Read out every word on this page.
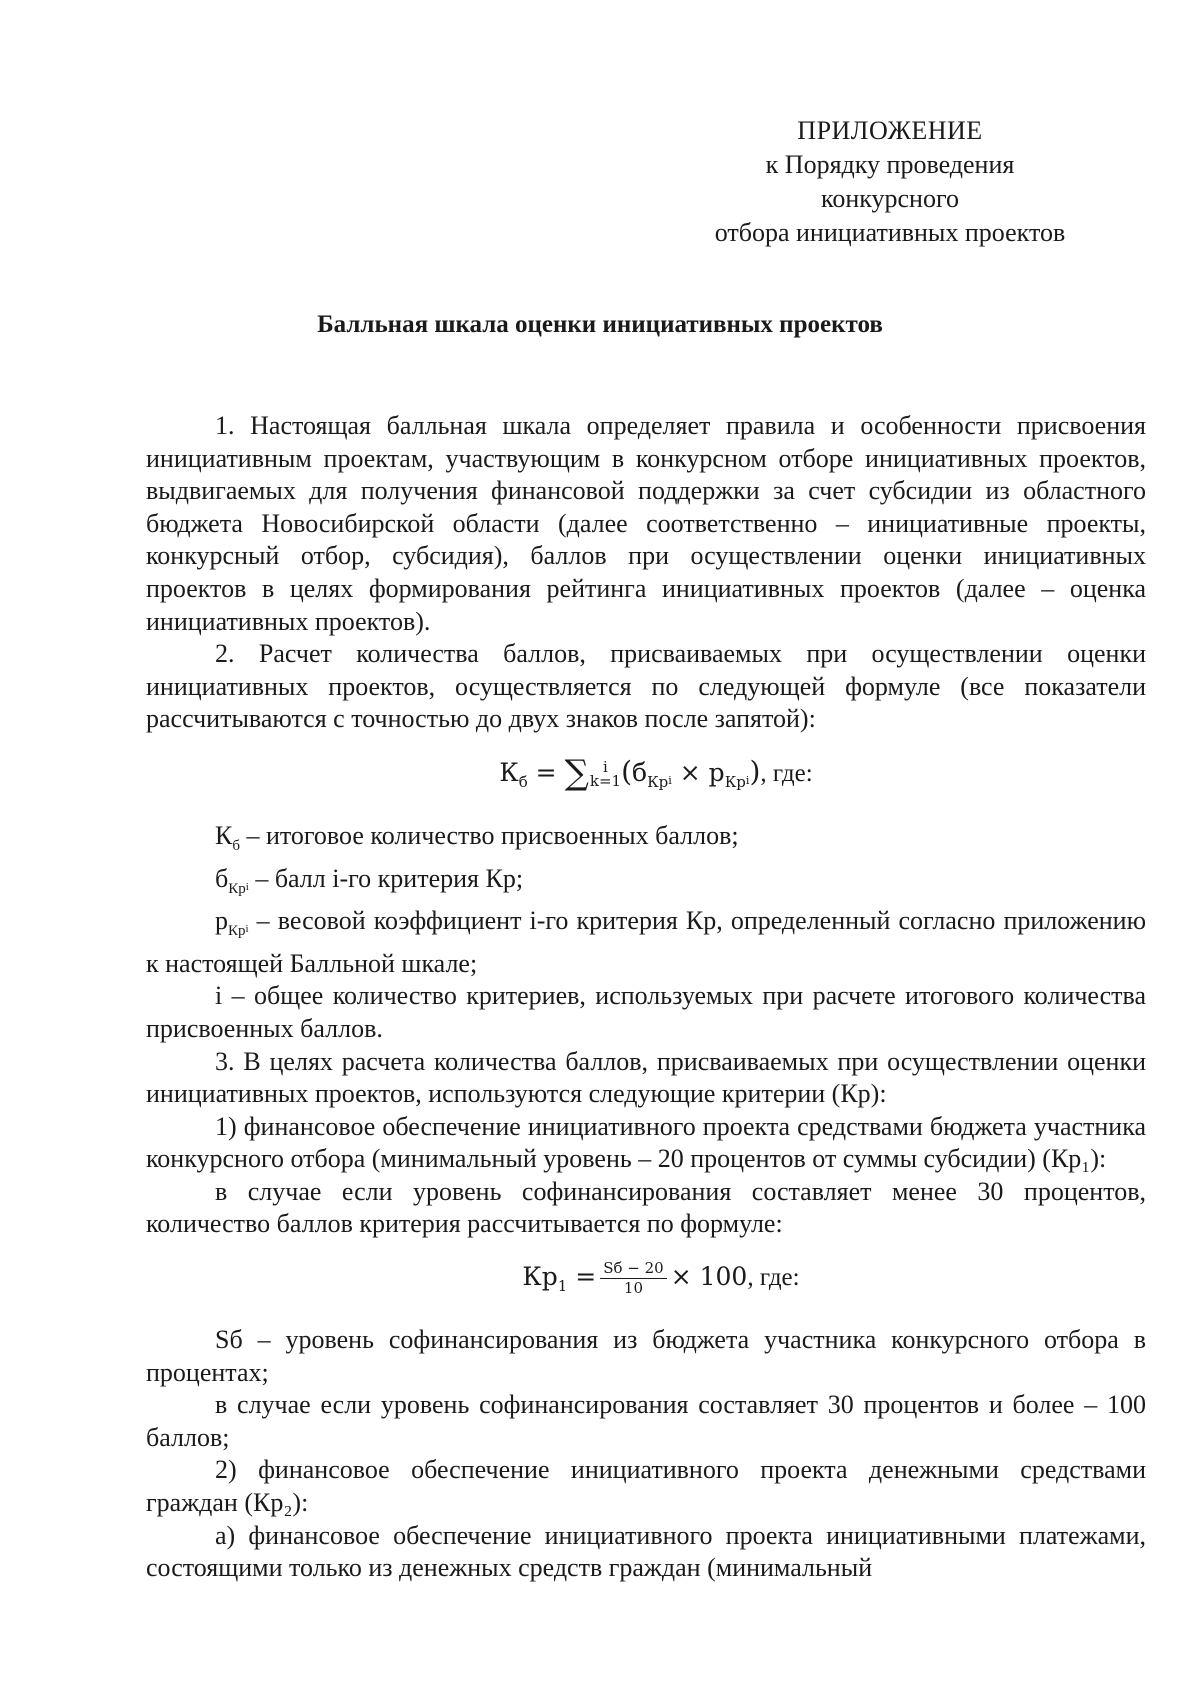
ПРИЛОЖЕНИЕ
к Порядку проведения конкурсного
отбора инициативных проектов
Балльная шкала оценки инициативных проектов

1. Настоящая балльная шкала определяет правила и особенности присвоения инициативным проектам, участвующим в конкурсном отборе инициативных проектов, выдвигаемых для получения финансовой поддержки за счет субсидии из областного бюджета Новосибирской области (далее соответственно – инициативные проекты, конкурсный отбор, субсидия), баллов при осуществлении оценки инициативных проектов в целях формирования рейтинга инициативных проектов (далее – оценка инициативных проектов).

2. Расчет количества баллов, присваиваемых при осуществлении оценки инициативных проектов, осуществляется по следующей формуле (все показатели рассчитываются с точностью до двух знаков после запятой):

$К_б$ = ∑ i
k=1 $(б_{Кр}i \times р_{Кр}i)$, где:

$К_б$ – итоговое количество присвоенных баллов;

$б_{Кр}i$ – балл i-го критерия Кр;

$р_{Кр}i$ – весовой коэффициент i-го критерия Кр, определенный согласно приложению к настоящей Балльной шкале;

i – общее количество критериев, используемых при расчете итогового количества присвоенных баллов.

3. В целях расчета количества баллов, присваиваемых при осуществлении оценки инициативных проектов, используются следующие критерии (Кр):

1) финансовое обеспечение инициативного проекта средствами бюджета участника конкурсного отбора (минимальный уровень – 20 процентов от суммы субсидии) (Кр₁):

в случае если уровень софинансирования составляет менее 30 процентов, количество баллов критерия рассчитывается по формуле:

$Кр_1 = \frac{Sб - 20}{10} \times 100$, где:

Sб – уровень софинансирования из бюджета участника конкурсного отбора в процентах;

в случае если уровень софинансирования составляет 30 процентов и более – 100 баллов;

2) финансовое обеспечение инициативного проекта денежными средствами граждан (Кр₂):

а) финансовое обеспечение инициативного проекта инициативными платежами, состоящими только из денежных средств граждан (минимальный
